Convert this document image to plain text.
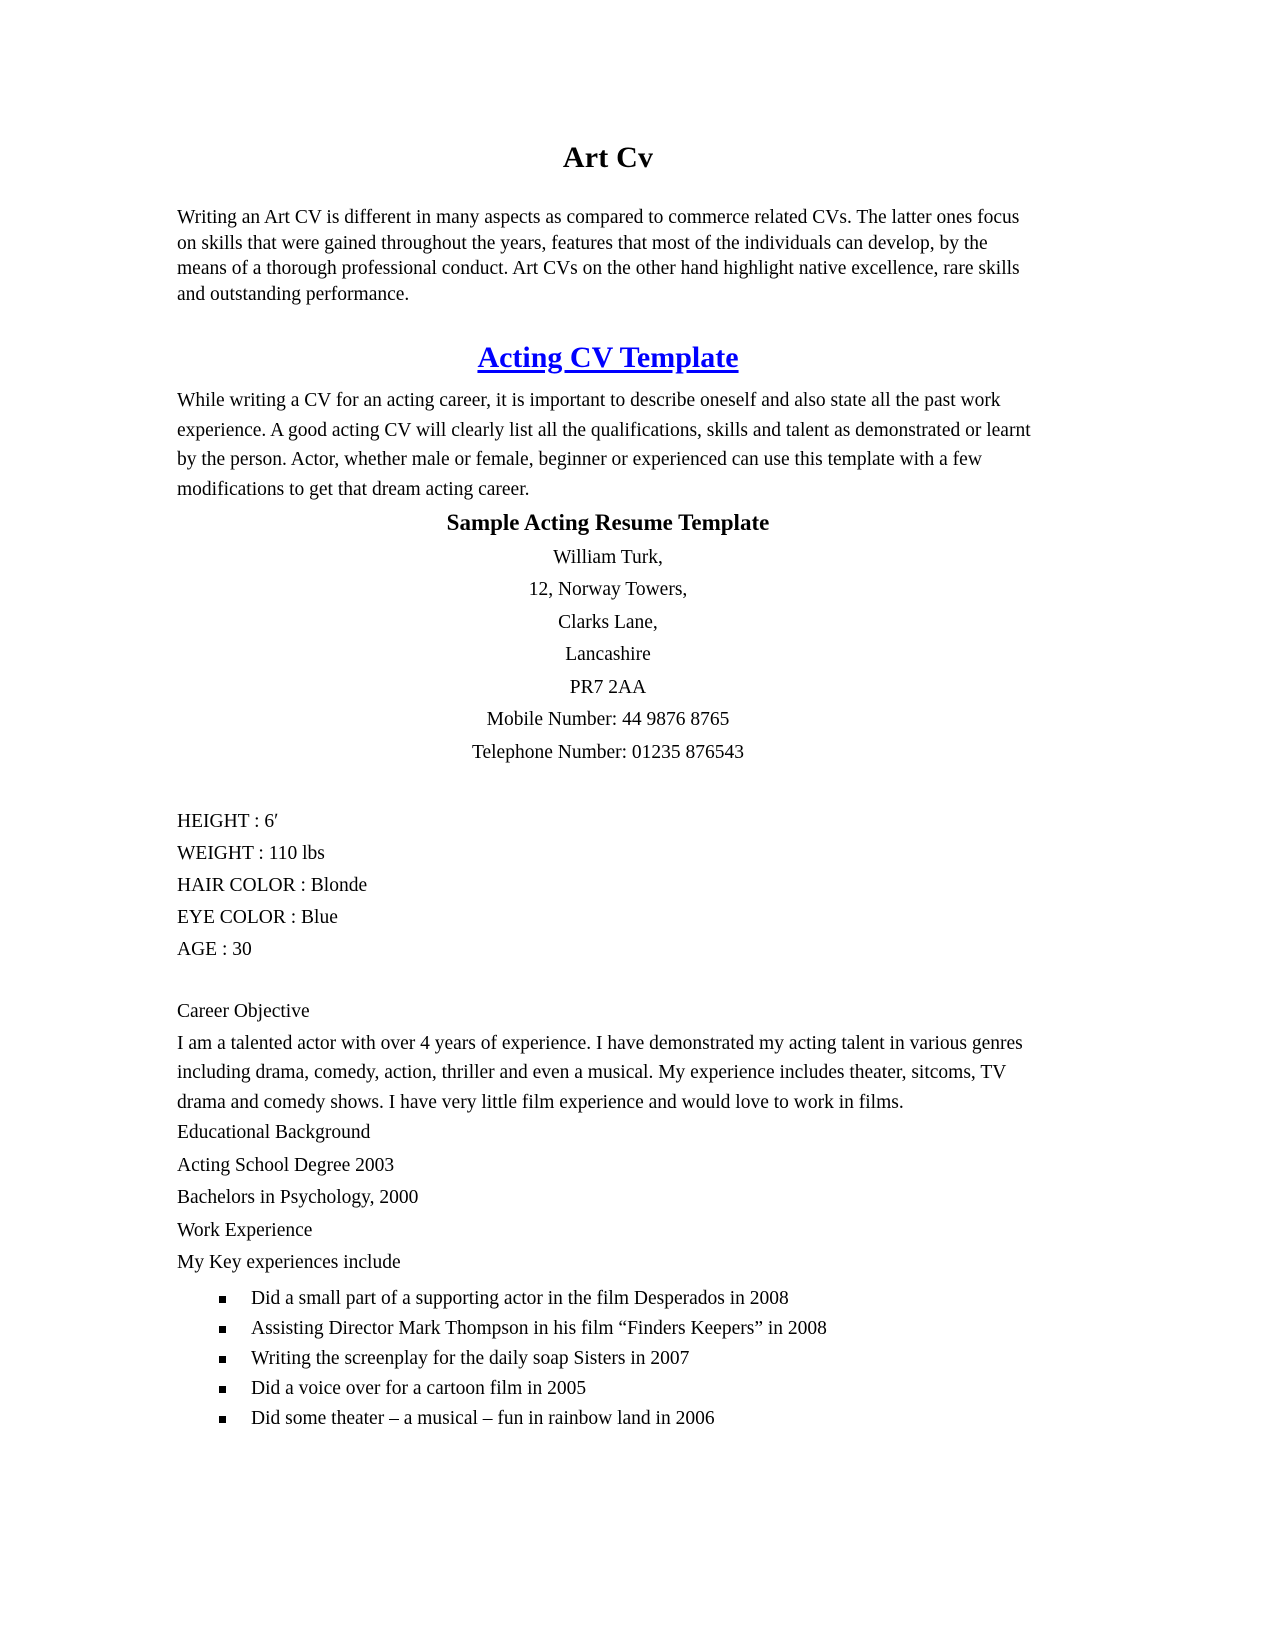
Art Cv

Writing an Art CV is different in many aspects as compared to commerce related CVs. The latter ones focus on skills that were gained throughout the years, features that most of the individuals can develop, by the means of a thorough professional conduct. Art CVs on the other hand highlight native excellence, rare skills and outstanding performance.

Acting CV Template

While writing a CV for an acting career, it is important to describe oneself and also state all the past work experience. A good acting CV will clearly list all the qualifications, skills and talent as demonstrated or learnt by the person. Actor, whether male or female, beginner or experienced can use this template with a few modifications to get that dream acting career.

Sample Acting Resume Template

William Turk,

12, Norway Towers,

Clarks Lane,

Lancashire

PR7 2AA

Mobile Number: 44 9876 8765

Telephone Number: 01235 876543

HEIGHT : 6ʹ

WEIGHT : 110 lbs

HAIR COLOR : Blonde

EYE COLOR : Blue

AGE : 30

Career Objective

I am a talented actor with over 4 years of experience. I have demonstrated my acting talent in various genres including drama, comedy, action, thriller and even a musical. My experience includes theater, sitcoms, TV drama and comedy shows. I have very little film experience and would love to work in films.

Educational Background

Acting School Degree 2003

Bachelors in Psychology, 2000

Work Experience

My Key experiences include

Did a small part of a supporting actor in the film Desperados in 2008
Assisting Director Mark Thompson in his film “Finders Keepers” in 2008
Writing the screenplay for the daily soap Sisters in 2007
Did a voice over for a cartoon film in 2005
Did some theater – a musical – fun in rainbow land in 2006
